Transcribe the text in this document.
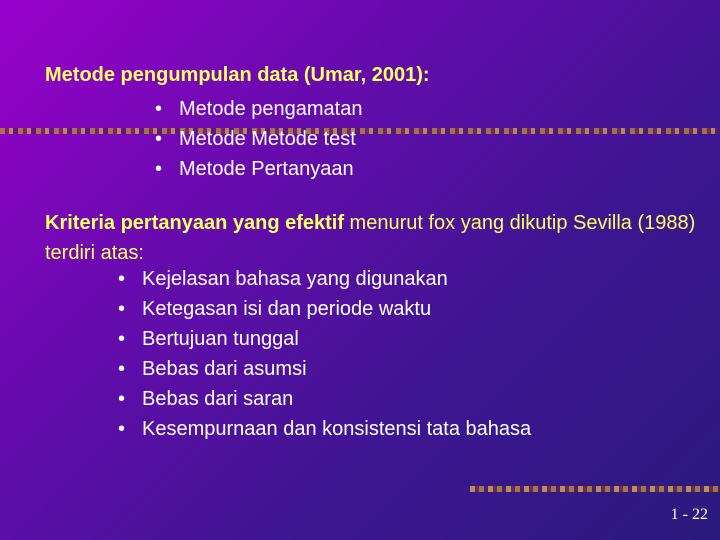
Metode pengumpulan data (Umar, 2001):

• Metode pengamatan
• Metode Metode test
• Metode Pertanyaan

Kriteria pertanyaan yang efektif menurut fox yang dikutip Sevilla (1988) terdiri atas:

• Kejelasan bahasa yang digunakan
• Ketegasan isi dan periode waktu
• Bertujuan tunggal
• Bebas dari asumsi
• Bebas dari saran
• Kesempurnaan dan konsistensi tata bahasa
1 - 22
